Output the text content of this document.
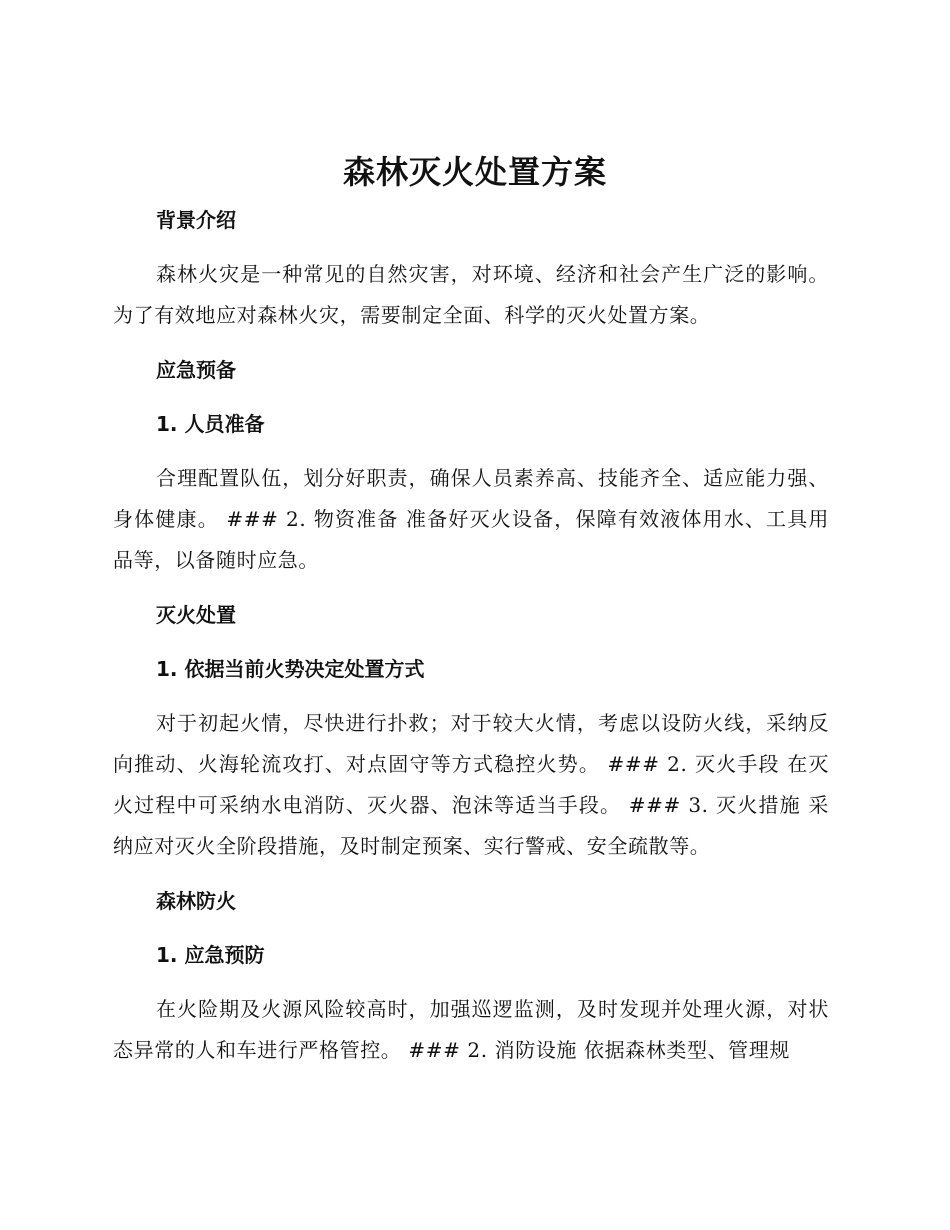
森林灭火处置方案
背景介绍

森林火灾是一种常见的自然灾害，对环境、经济和社会产生广泛的影响。为了有效地应对森林火灾，需要制定全面、科学的灭火处置方案。

应急预备
1. 人员准备

合理配置队伍，划分好职责，确保人员素养高、技能齐全、适应能力强、身体健康。 ### 2. 物资准备 准备好灭火设备，保障有效液体用水、工具用品等，以备随时应急。

灭火处置
1. 依据当前火势决定处置方式

对于初起火情，尽快进行扑救；对于较大火情，考虑以设防火线，采纳反向推动、火海轮流攻打、对点固守等方式稳控火势。 ### 2. 灭火手段 在灭火过程中可采纳水电消防、灭火器、泡沫等适当手段。 ### 3. 灭火措施 采纳应对灭火全阶段措施，及时制定预案、实行警戒、安全疏散等。

森林防火
1. 应急预防

在火险期及火源风险较高时，加强巡逻监测，及时发现并处理火源，对状态异常的人和车进行严格管控。 ### 2. 消防设施 依据森林类型、管理规
